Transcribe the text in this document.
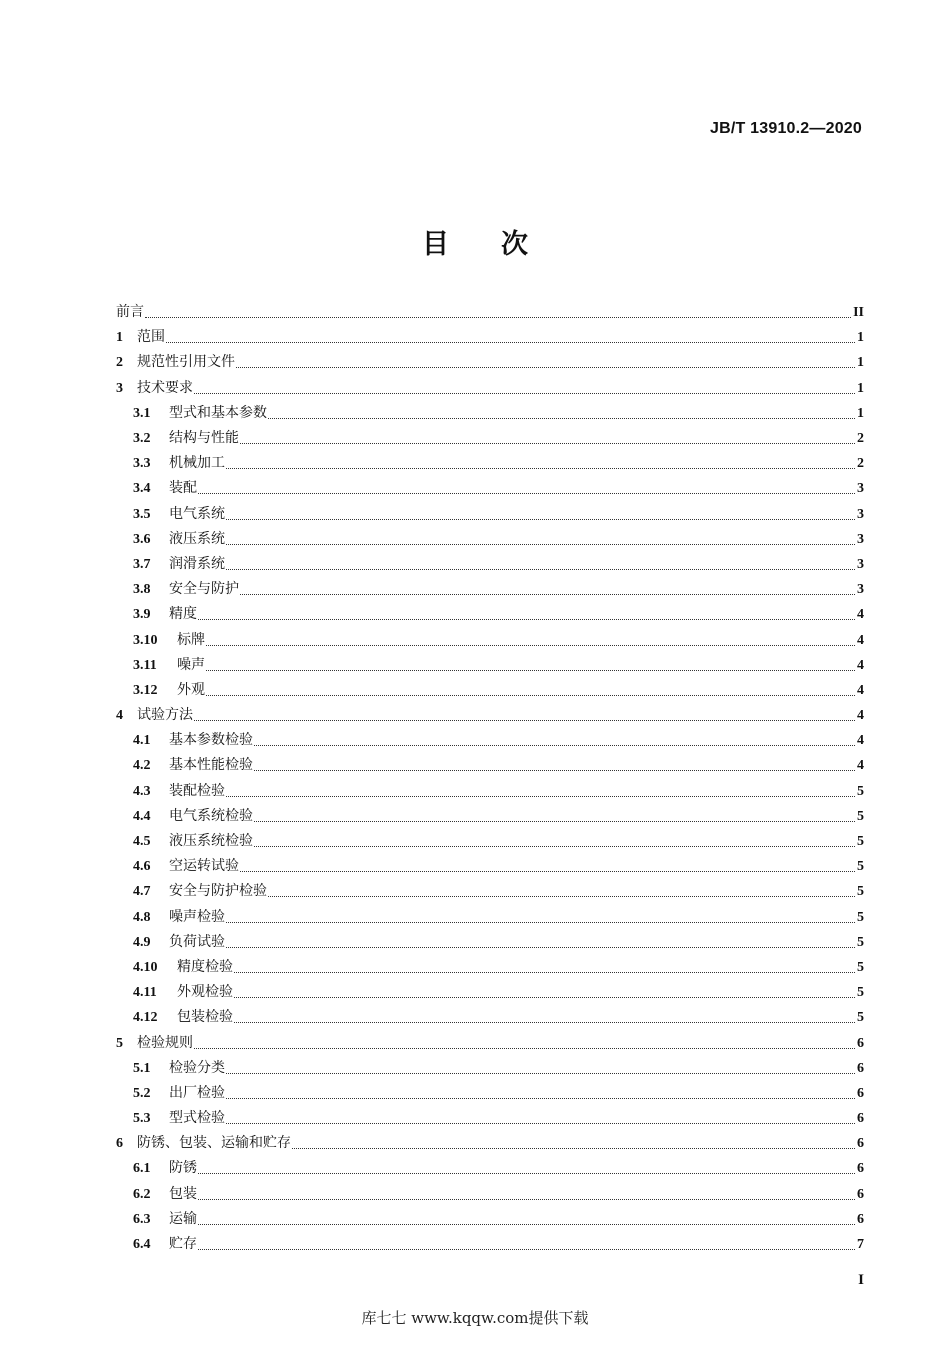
JB/T 13910.2—2020
目 次
前言	II
1	范围	1
2	规范性引用文件	1
3	技术要求	1
3.1	型式和基本参数	1
3.2	结构与性能	2
3.3	机械加工	2
3.4	装配	3
3.5	电气系统	3
3.6	液压系统	3
3.7	润滑系统	3
3.8	安全与防护	3
3.9	精度	4
3.10	标牌	4
3.11	噪声	4
3.12	外观	4
4	试验方法	4
4.1	基本参数检验	4
4.2	基本性能检验	4
4.3	装配检验	5
4.4	电气系统检验	5
4.5	液压系统检验	5
4.6	空运转试验	5
4.7	安全与防护检验	5
4.8	噪声检验	5
4.9	负荷试验	5
4.10	精度检验	5
4.11	外观检验	5
4.12	包装检验	5
5	检验规则	6
5.1	检验分类	6
5.2	出厂检验	6
5.3	型式检验	6
6	防锈、包装、运输和贮存	6
6.1	防锈	6
6.2	包装	6
6.3	运输	6
6.4	贮存	7
I
库七七 www.kqqw.com提供下载
